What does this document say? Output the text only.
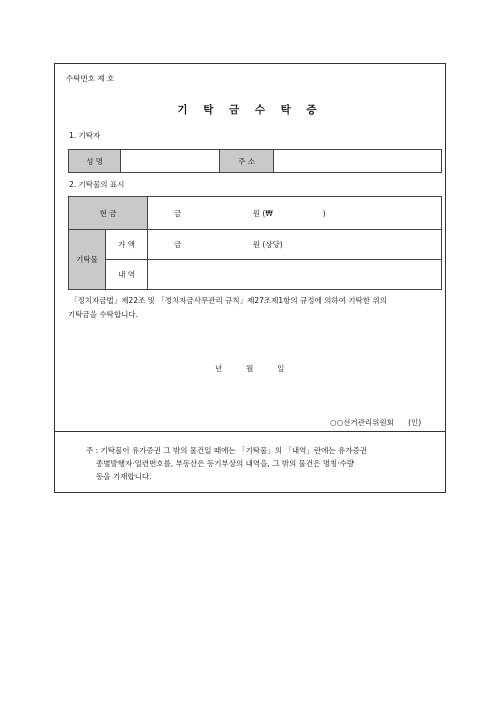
수탁번호 제 호
기 탁 금 수 탁 증
1. 기탁자
성 명		주 소	
2. 기탁물의 표시
현 금		금                              원 (₩                     )
기탁물	가 액	금                              원 (상당)
	내 역	
「정치자금법」제22조 및 「정치자금사무관리 규칙」제27조제1항의 규정에 의하여 기탁한 위의
기탁금을 수탁합니다.
년          월          일
○○선거관리위원회      (인)
주 : 기탁물이 유가증권 그 밖의 물건일 때에는 「기탁물」의 「내역」란에는 유가증권
종별발행자·일련번호를, 부동산은 등기부상의 내역을, 그 밖의 물건은 명칭·수량
등을 기재합니다.
